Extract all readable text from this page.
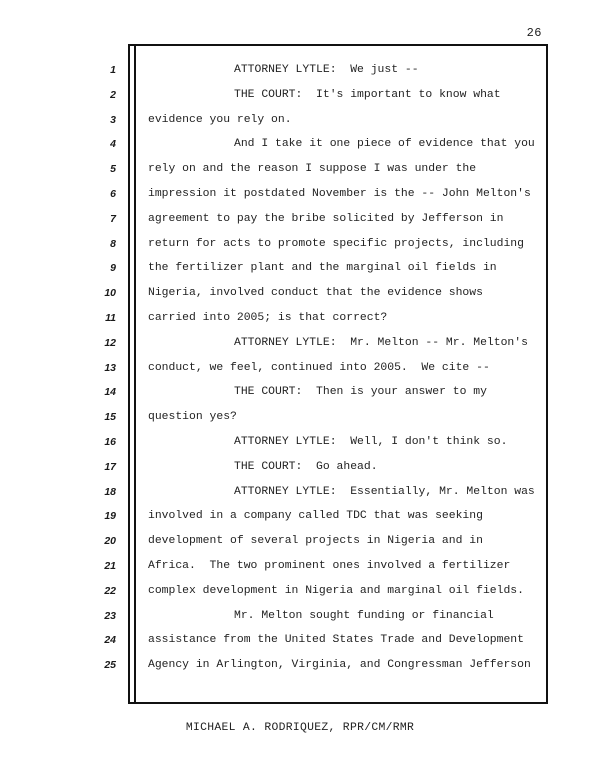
26
1
2
3
4
5
6
7
8
9
10
11
12
13
14
15
16
17
18
19
20
21
22
23
24
25
ATTORNEY LYTLE:  We just --
THE COURT:  It's important to know what
evidence you rely on.
And I take it one piece of evidence that you
rely on and the reason I suppose I was under the
impression it postdated November is the -- John Melton's
agreement to pay the bribe solicited by Jefferson in
return for acts to promote specific projects, including
the fertilizer plant and the marginal oil fields in
Nigeria, involved conduct that the evidence shows
carried into 2005; is that correct?
ATTORNEY LYTLE:  Mr. Melton -- Mr. Melton's
conduct, we feel, continued into 2005.  We cite --
THE COURT:  Then is your answer to my
question yes?
ATTORNEY LYTLE:  Well, I don't think so.
THE COURT:  Go ahead.
ATTORNEY LYTLE:  Essentially, Mr. Melton was
involved in a company called TDC that was seeking
development of several projects in Nigeria and in
Africa.  The two prominent ones involved a fertilizer
complex development in Nigeria and marginal oil fields.
Mr. Melton sought funding or financial
assistance from the United States Trade and Development
Agency in Arlington, Virginia, and Congressman Jefferson
MICHAEL A. RODRIQUEZ, RPR/CM/RMR
